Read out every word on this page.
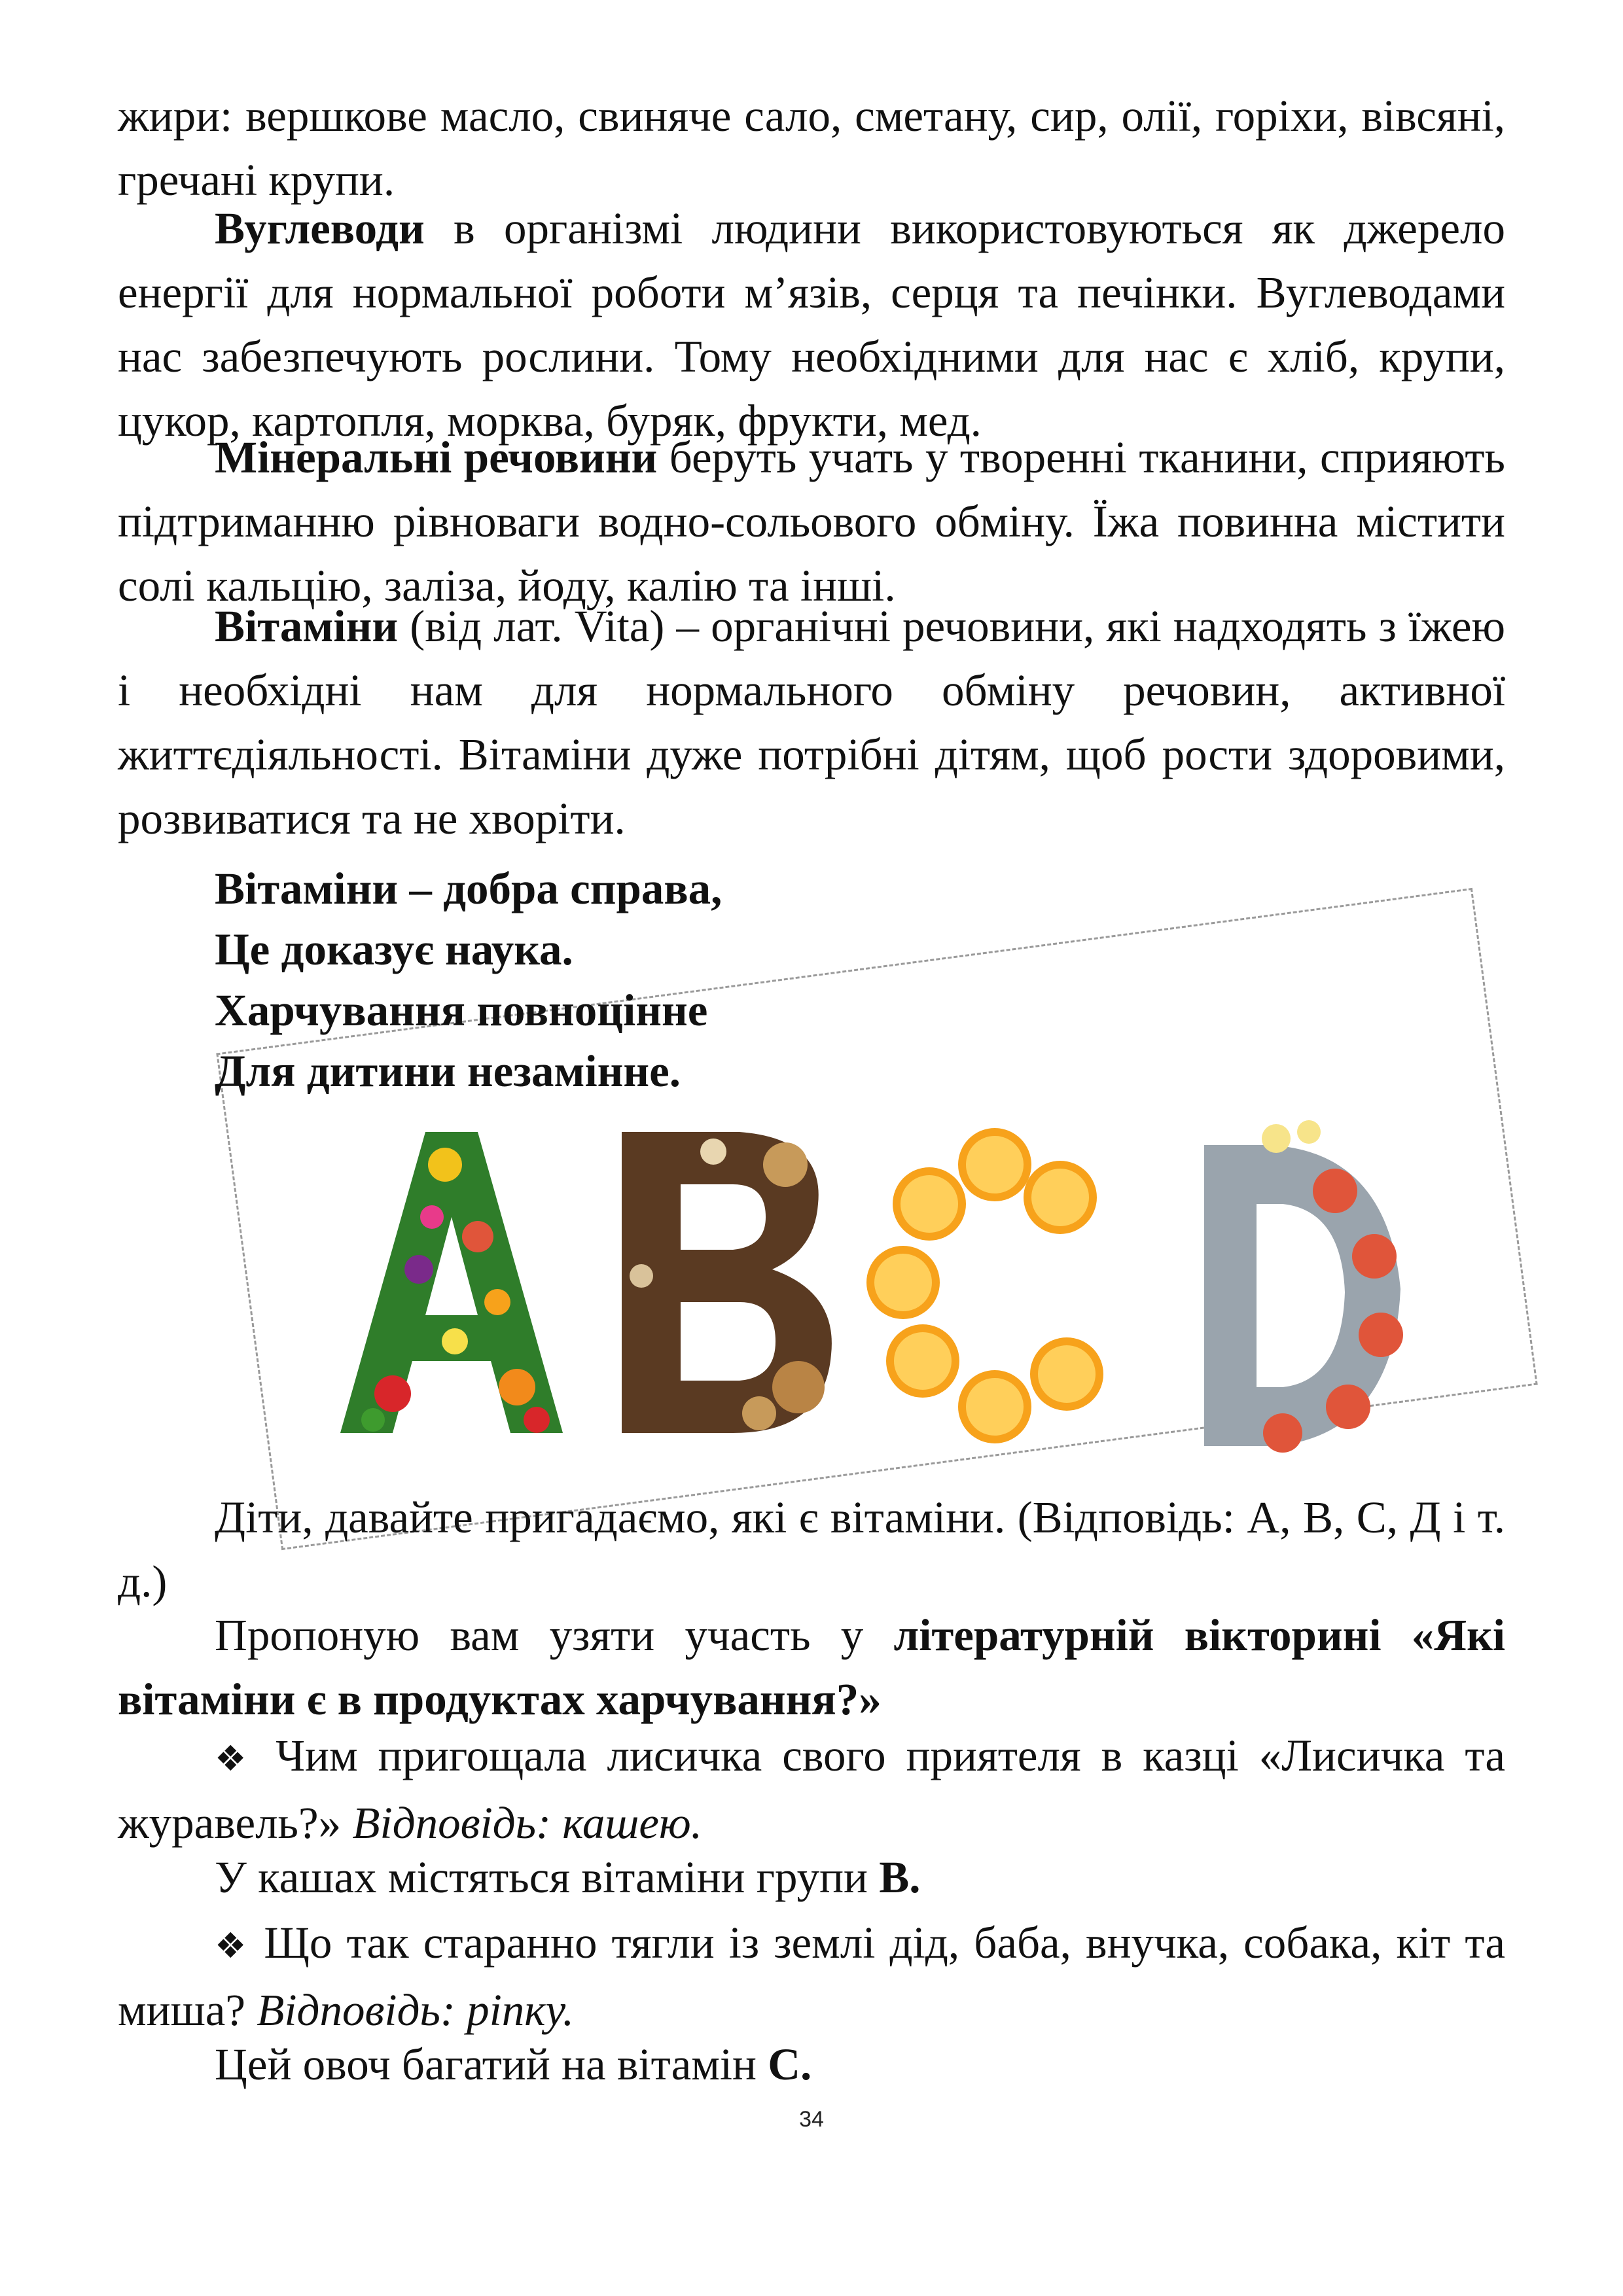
жири: вершкове масло, свиняче сало, сметану, сир, олії, горіхи, вівсяні, гречані крупи.

Вуглеводи в організмі людини використовуються як джерело енергії для нормальної роботи м’язів, серця та печінки. Вуглеводами нас забезпечують рослини. Тому необхідними для нас є хліб, крупи, цукор, картопля, морква, буряк, фрукти, мед.

Мінеральні речовини беруть учать у творенні тканини, сприяють підтриманню рівноваги водно-сольового обміну. Їжа повинна містити солі кальцію, заліза, йоду, калію та інші.

Вітаміни (від лат. Vita) – органічні речовини, які надходять з їжею і необхідні нам для нормального обміну речовин, активної життєдіяльності. Вітаміни дуже потрібні дітям, щоб рости здоровими, розвиватися та не хворіти.

Вітаміни – добра справа,
Це доказує наука.
Харчування повноцінне
Для дитини незамінне.

Діти, давайте пригадаємо, які є вітаміни. (Відповідь: А, В, С, Д і т. д.)

Пропоную вам узяти участь у літературній вікторині «Які вітаміни є в продуктах харчування?»

❖ Чим пригощала лисичка свого приятеля в казці «Лисичка та журавель?» Відповідь: кашею.

У кашах містяться вітаміни групи В.

❖ Що так старанно тягли із землі дід, баба, внучка, собака, кіт та миша? Відповідь: ріпку.

Цей овоч багатий на вітамін С.

34
